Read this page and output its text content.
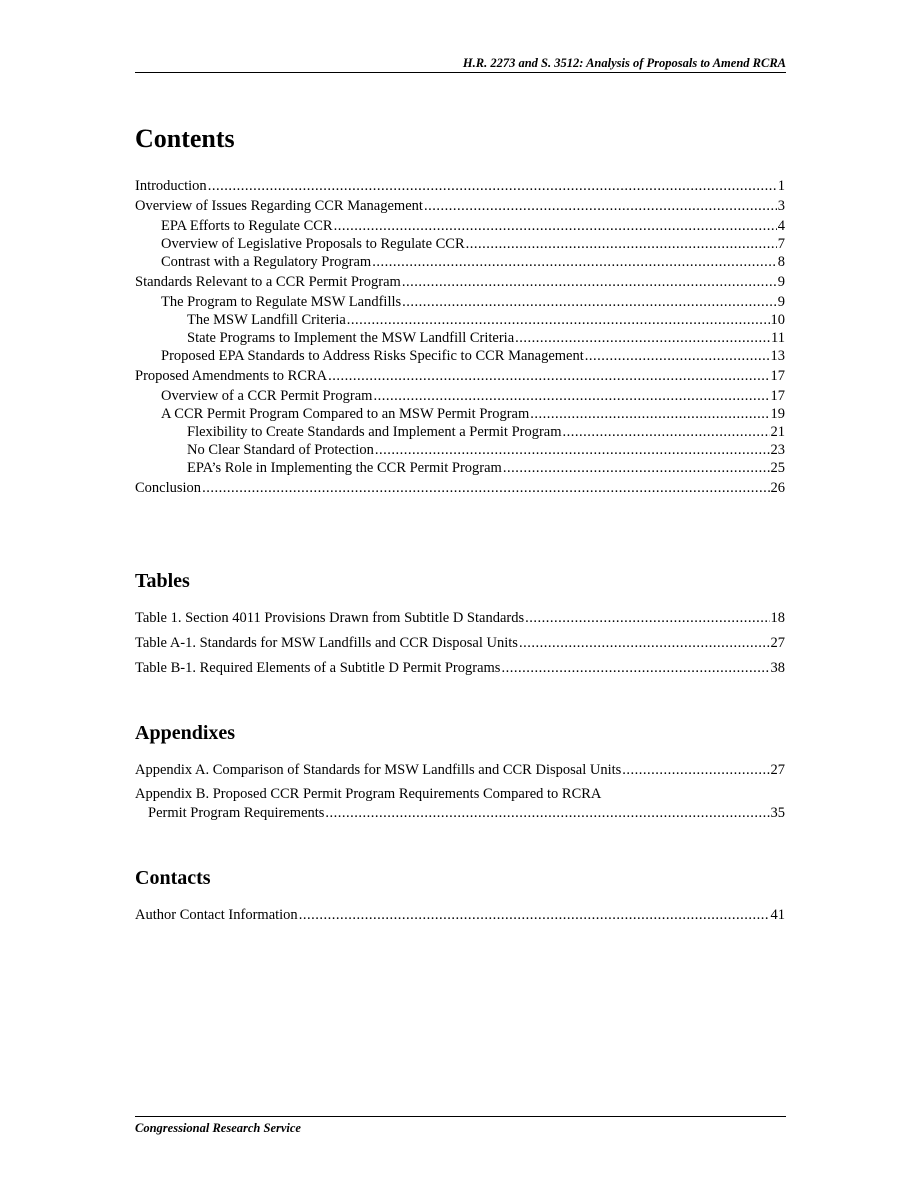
H.R. 2273 and S. 3512: Analysis of Proposals to Amend RCRA
Contents
Introduction .....	1
Overview of Issues Regarding CCR Management .....	3
EPA Efforts to Regulate CCR .....	4
Overview of Legislative Proposals to Regulate CCR .....	7
Contrast with a Regulatory Program .....	8
Standards Relevant to a CCR Permit Program .....	9
The Program to Regulate MSW Landfills .....	9
The MSW Landfill Criteria .....	10
State Programs to Implement the MSW Landfill Criteria .....	11
Proposed EPA Standards to Address Risks Specific to CCR Management .....	13
Proposed Amendments to RCRA .....	17
Overview of a CCR Permit Program .....	17
A CCR Permit Program Compared to an MSW Permit Program .....	19
Flexibility to Create Standards and Implement a Permit Program .....	21
No Clear Standard of Protection .....	23
EPA’s Role in Implementing the CCR Permit Program .....	25
Conclusion .....	26
Tables
Table 1. Section 4011 Provisions Drawn from Subtitle D Standards .....	18
Table A-1. Standards for MSW Landfills and CCR Disposal Units .....	27
Table B-1. Required Elements of a Subtitle D Permit Programs .....	38
Appendixes
Appendix A. Comparison of Standards for MSW Landfills and CCR Disposal Units .....	27
Appendix B. Proposed CCR Permit Program Requirements Compared to RCRA
Permit Program Requirements .....	35
Contacts
Author Contact Information .....	41
Congressional Research Service
